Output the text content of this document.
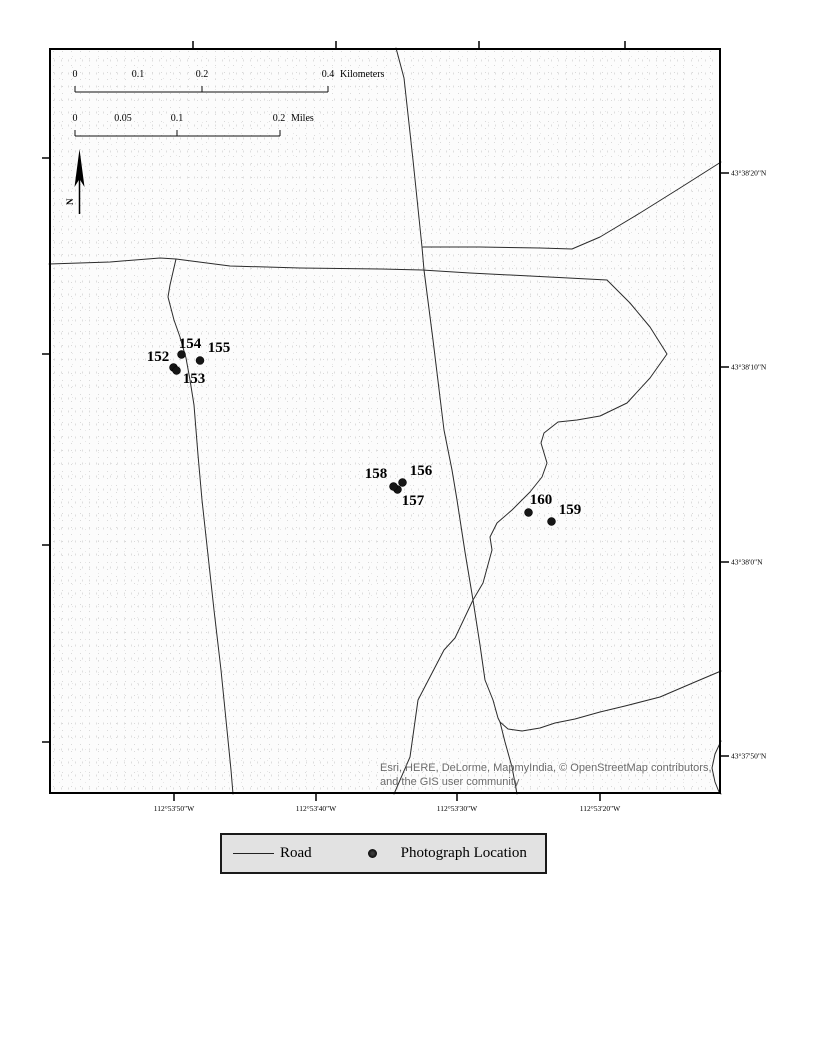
N
112°53'50"W	112°53'40"W	112°53'30"W	112°53'20"W
43°38'20"N
43°38'10"N
43°38'0"N
43°37'50"N
152
153
154 155
156
157
158
159
160
0	0.1	0.2	0.4 Kilometers
0	0.05	0.1	0.2 Miles
Esri, HERE, DeLorme, MapmyIndia, © OpenStreetMap contributors,
and the GIS user community
Road	Photograph Location
